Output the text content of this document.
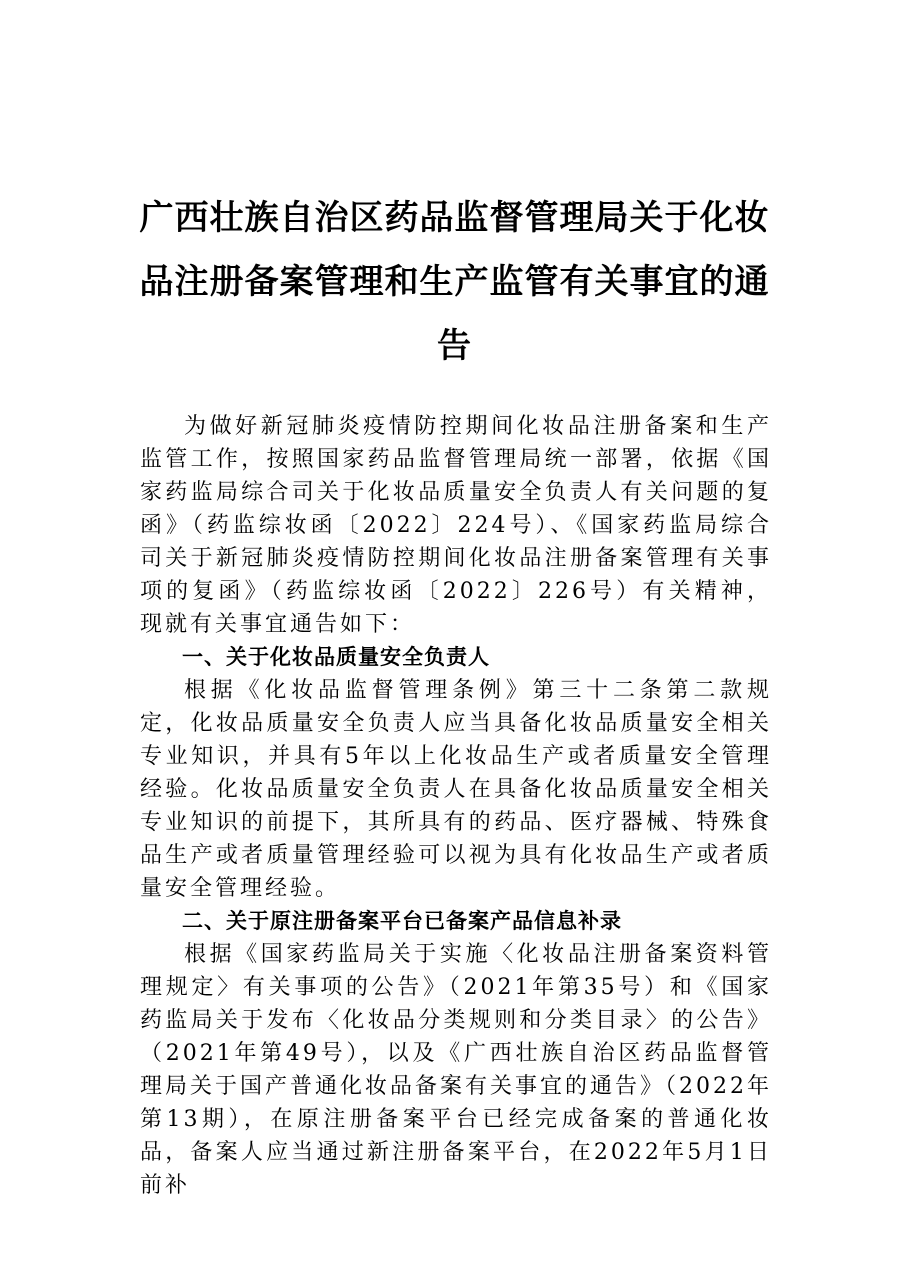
广西壮族自治区药品监督管理局关于化妆
品注册备案管理和生产监管有关事宜的通
告

为做好新冠肺炎疫情防控期间化妆品注册备案和生产监管工作，按照国家药品监督管理局统一部署，依据《国家药监局综合司关于化妆品质量安全负责人有关问题的复函》（药监综妆函〔2022〕224号）、《国家药监局综合司关于新冠肺炎疫情防控期间化妆品注册备案管理有关事项的复函》（药监综妆函〔2022〕226号）有关精神，现就有关事宜通告如下：

一、关于化妆品质量安全负责人

根据《化妆品监督管理条例》第三十二条第二款规定，化妆品质量安全负责人应当具备化妆品质量安全相关专业知识，并具有5年以上化妆品生产或者质量安全管理经验。化妆品质量安全负责人在具备化妆品质量安全相关专业知识的前提下，其所具有的药品、医疗器械、特殊食品生产或者质量管理经验可以视为具有化妆品生产或者质量安全管理经验。

二、关于原注册备案平台已备案产品信息补录

根据《国家药监局关于实施〈化妆品注册备案资料管理规定〉有关事项的公告》（2021年第35号）和《国家药监局关于发布〈化妆品分类规则和分类目录〉的公告》（2021年第49号），以及《广西壮族自治区药品监督管理局关于国产普通化妆品备案有关事宜的通告》（2022年第13期），在原注册备案平台已经完成备案的普通化妆品，备案人应当通过新注册备案平台，在2022年5月1日前补
